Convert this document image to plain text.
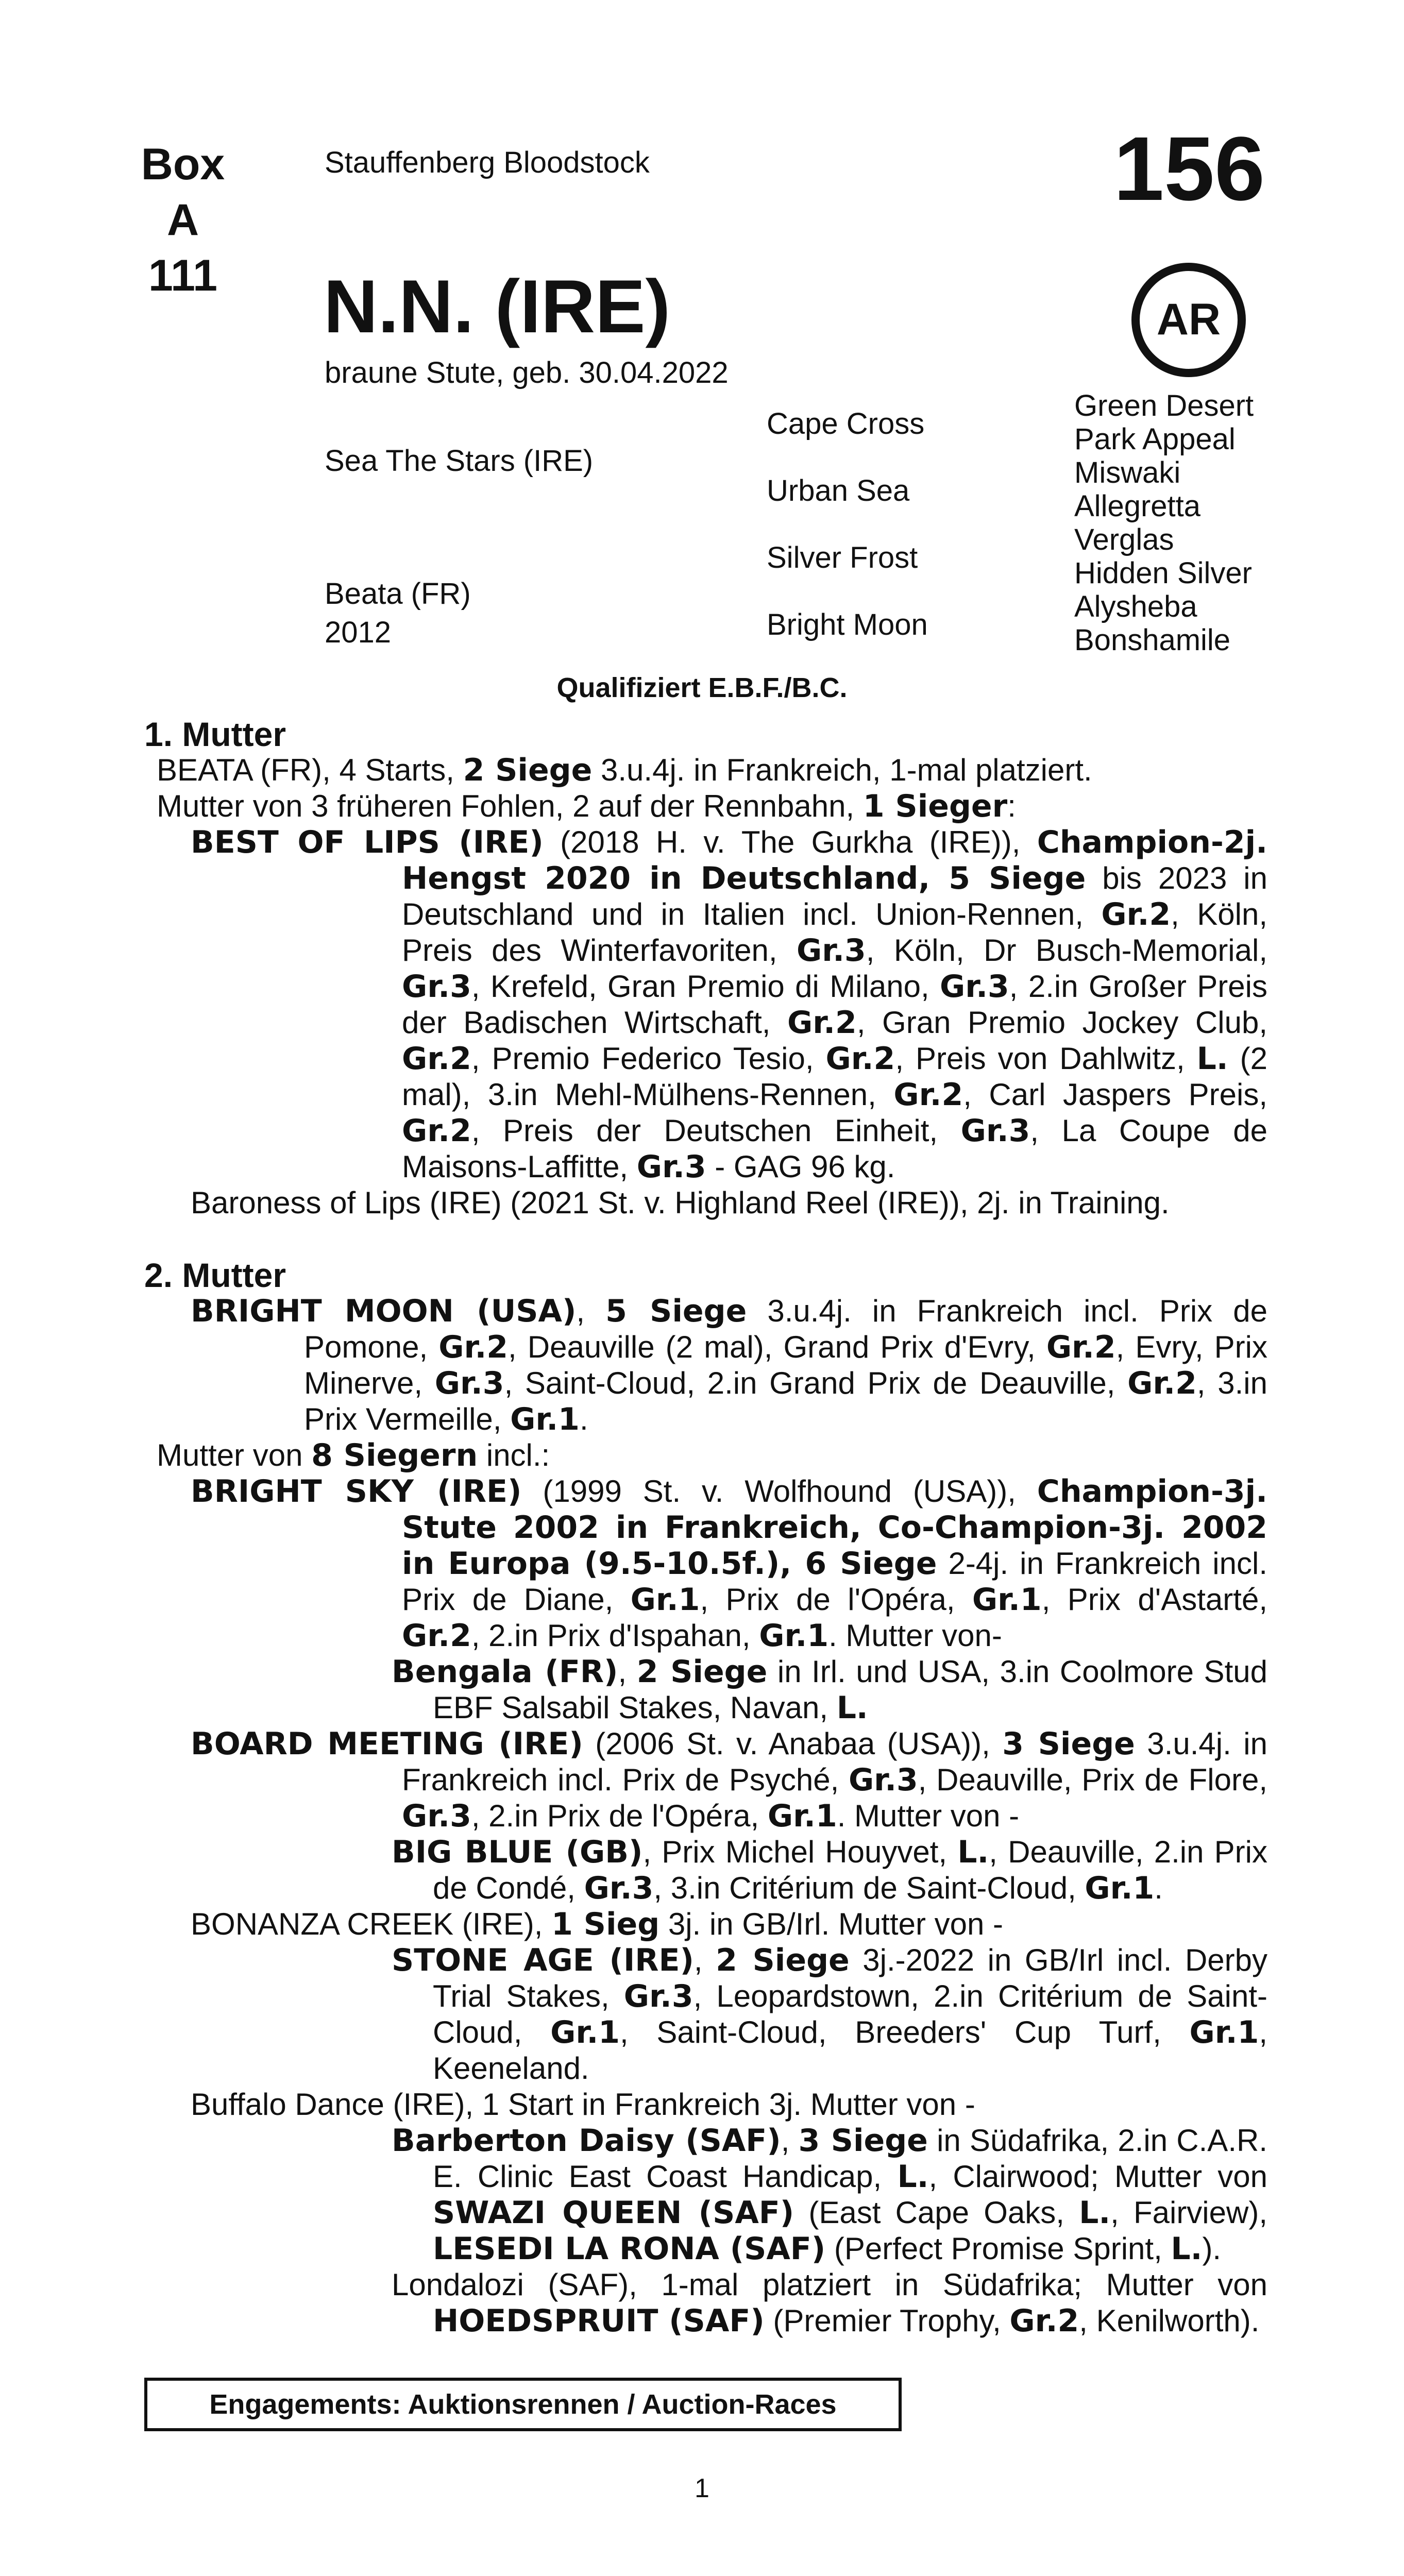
Box
A 111
Stauffenberg Bloodstock	156
AR
N.N. (IRE)
braune Stute, geb. 30.04.2022
Sea The Stars (IRE)
Beata (FR)
2012
Cape Cross
Urban Sea
Silver Frost
Bright Moon
Green Desert
Park Appeal
Miswaki
Allegretta
Verglas
Hidden Silver
Alysheba
Bonshamile
Qualifiziert E.B.F./B.C.
1. Mutter
BEATA (FR), 4 Starts, 2 Siege 3.u.4j. in Frankreich, 1-mal platziert.
Mutter von 3 früheren Fohlen, 2 auf der Rennbahn, 1 Sieger:
BEST OF LIPS (IRE) (2018 H. v. The Gurkha (IRE)), Champion-2j. Hengst 2020 in Deutschland, 5 Siege bis 2023 in Deutschland und in Italien incl. Union-Rennen, Gr.2, Köln, Preis des Winterfavoriten, Gr.3, Köln, Dr Busch-Memorial, Gr.3, Krefeld, Gran Premio di Milano, Gr.3, 2.in Großer Preis der Badischen Wirtschaft, Gr.2, Gran Premio Jockey Club, Gr.2, Premio Federico Tesio, Gr.2, Preis von Dahlwitz, L. (2 mal), 3.in Mehl-Mülhens-Rennen, Gr.2, Carl Jaspers Preis, Gr.2, Preis der Deutschen Einheit, Gr.3, La Coupe de Maisons-Laffitte, Gr.3 - GAG 96 kg.
Baroness of Lips (IRE) (2021 St. v. Highland Reel (IRE)), 2j. in Training.
2. Mutter
BRIGHT MOON (USA), 5 Siege 3.u.4j. in Frankreich incl. Prix de Pomone, Gr.2, Deauville (2 mal), Grand Prix d'Evry, Gr.2, Evry, Prix Minerve, Gr.3, Saint-Cloud, 2.in Grand Prix de Deauville, Gr.2, 3.in Prix Vermeille, Gr.1.
Mutter von 8 Siegern incl.:
BRIGHT SKY (IRE) (1999 St. v. Wolfhound (USA)), Champion-3j. Stute 2002 in Frankreich, Co-Champion-3j. 2002 in Europa (9.5-10.5f.), 6 Siege 2-4j. in Frankreich incl. Prix de Diane, Gr.1, Prix de l'Opéra, Gr.1, Prix d'Astarté, Gr.2, 2.in Prix d'Ispahan, Gr.1. Mutter von-
Bengala (FR), 2 Siege in Irl. und USA, 3.in Coolmore Stud EBF Salsabil Stakes, Navan, L.
BOARD MEETING (IRE) (2006 St. v. Anabaa (USA)), 3 Siege 3.u.4j. in Frankreich incl. Prix de Psyché, Gr.3, Deauville, Prix de Flore, Gr.3, 2.in Prix de l'Opéra, Gr.1. Mutter von -
BIG BLUE (GB), Prix Michel Houyvet, L., Deauville, 2.in Prix de Condé, Gr.3, 3.in Critérium de Saint-Cloud, Gr.1.
BONANZA CREEK (IRE), 1 Sieg 3j. in GB/Irl. Mutter von -
STONE AGE (IRE), 2 Siege 3j.-2022 in GB/Irl incl. Derby Trial Stakes, Gr.3, Leopardstown, 2.in Critérium de Saint-Cloud, Gr.1, Saint-Cloud, Breeders' Cup Turf, Gr.1, Keeneland.
Buffalo Dance (IRE), 1 Start in Frankreich 3j. Mutter von -
Barberton Daisy (SAF), 3 Siege in Südafrika, 2.in C.A.R. E. Clinic East Coast Handicap, L., Clairwood; Mutter von SWAZI QUEEN (SAF) (East Cape Oaks, L., Fairview), LESEDI LA RONA (SAF) (Perfect Promise Sprint, L.).
Londalozi (SAF), 1-mal platziert in Südafrika; Mutter von HOEDSPRUIT (SAF) (Premier Trophy, Gr.2, Kenilworth).
Engagements: Auktionsrennen / Auction-Races
1
